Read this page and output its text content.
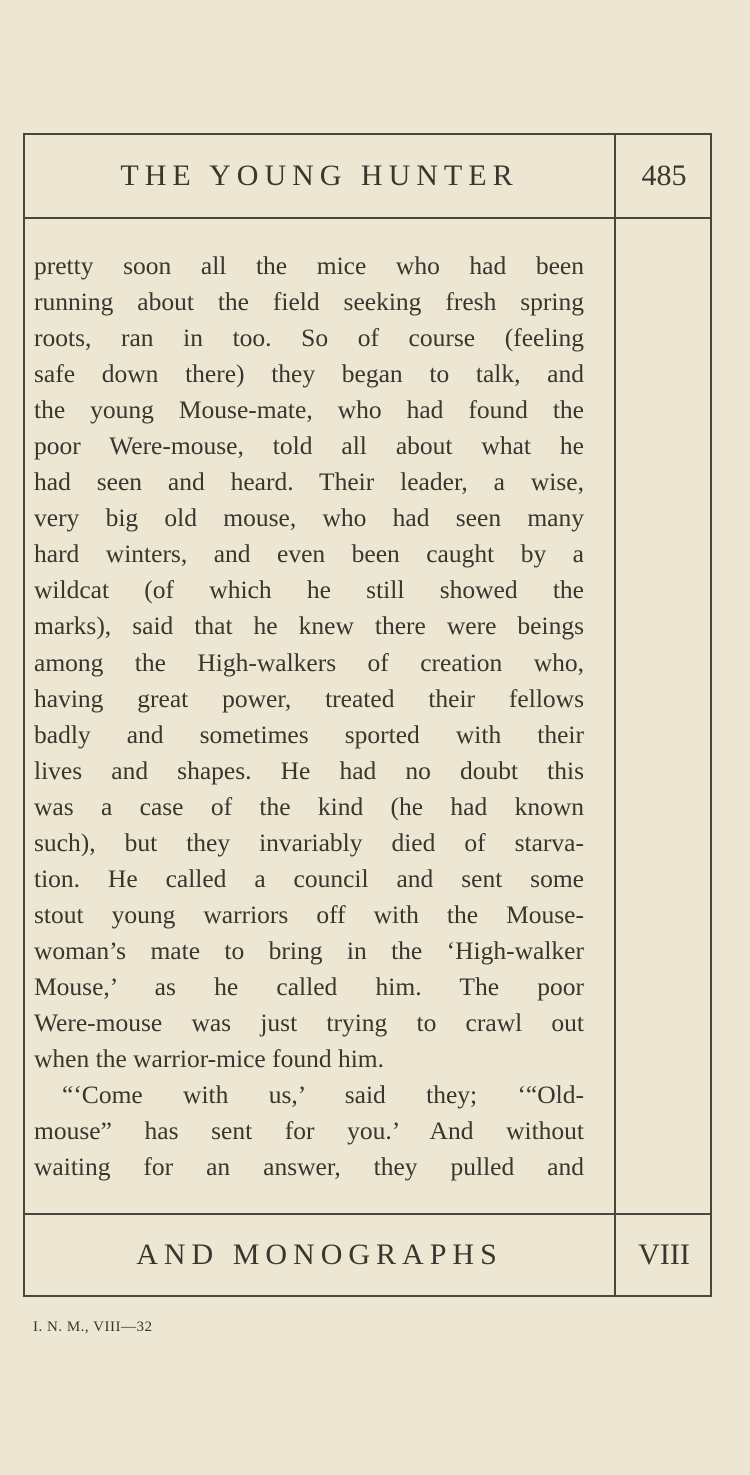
THE YOUNG HUNTER	485
pretty soon all the mice who had been
running about the field seeking fresh spring
roots, ran in too. So of course (feeling
safe down there) they began to talk, and
the young Mouse-mate, who had found the
poor Were-mouse, told all about what he
had seen and heard. Their leader, a wise,
very big old mouse, who had seen many
hard winters, and even been caught by a
wildcat (of which he still showed the
marks), said that he knew there were beings
among the High-walkers of creation who,
having great power, treated their fellows
badly and sometimes sported with their
lives and shapes. He had no doubt this
was a case of the kind (he had known
such), but they invariably died of starva-
tion. He called a council and sent some
stout young warriors off with the Mouse-
woman’s mate to bring in the ‘High-walker
Mouse,’ as he called him. The poor
Were-mouse was just trying to crawl out
when the warrior-mice found him.
“‘Come with us,’ said they; ‘“Old-
mouse” has sent for you.’ And without
waiting for an answer, they pulled and
AND MONOGRAPHS	VIII
I. N. M., VIII—32
